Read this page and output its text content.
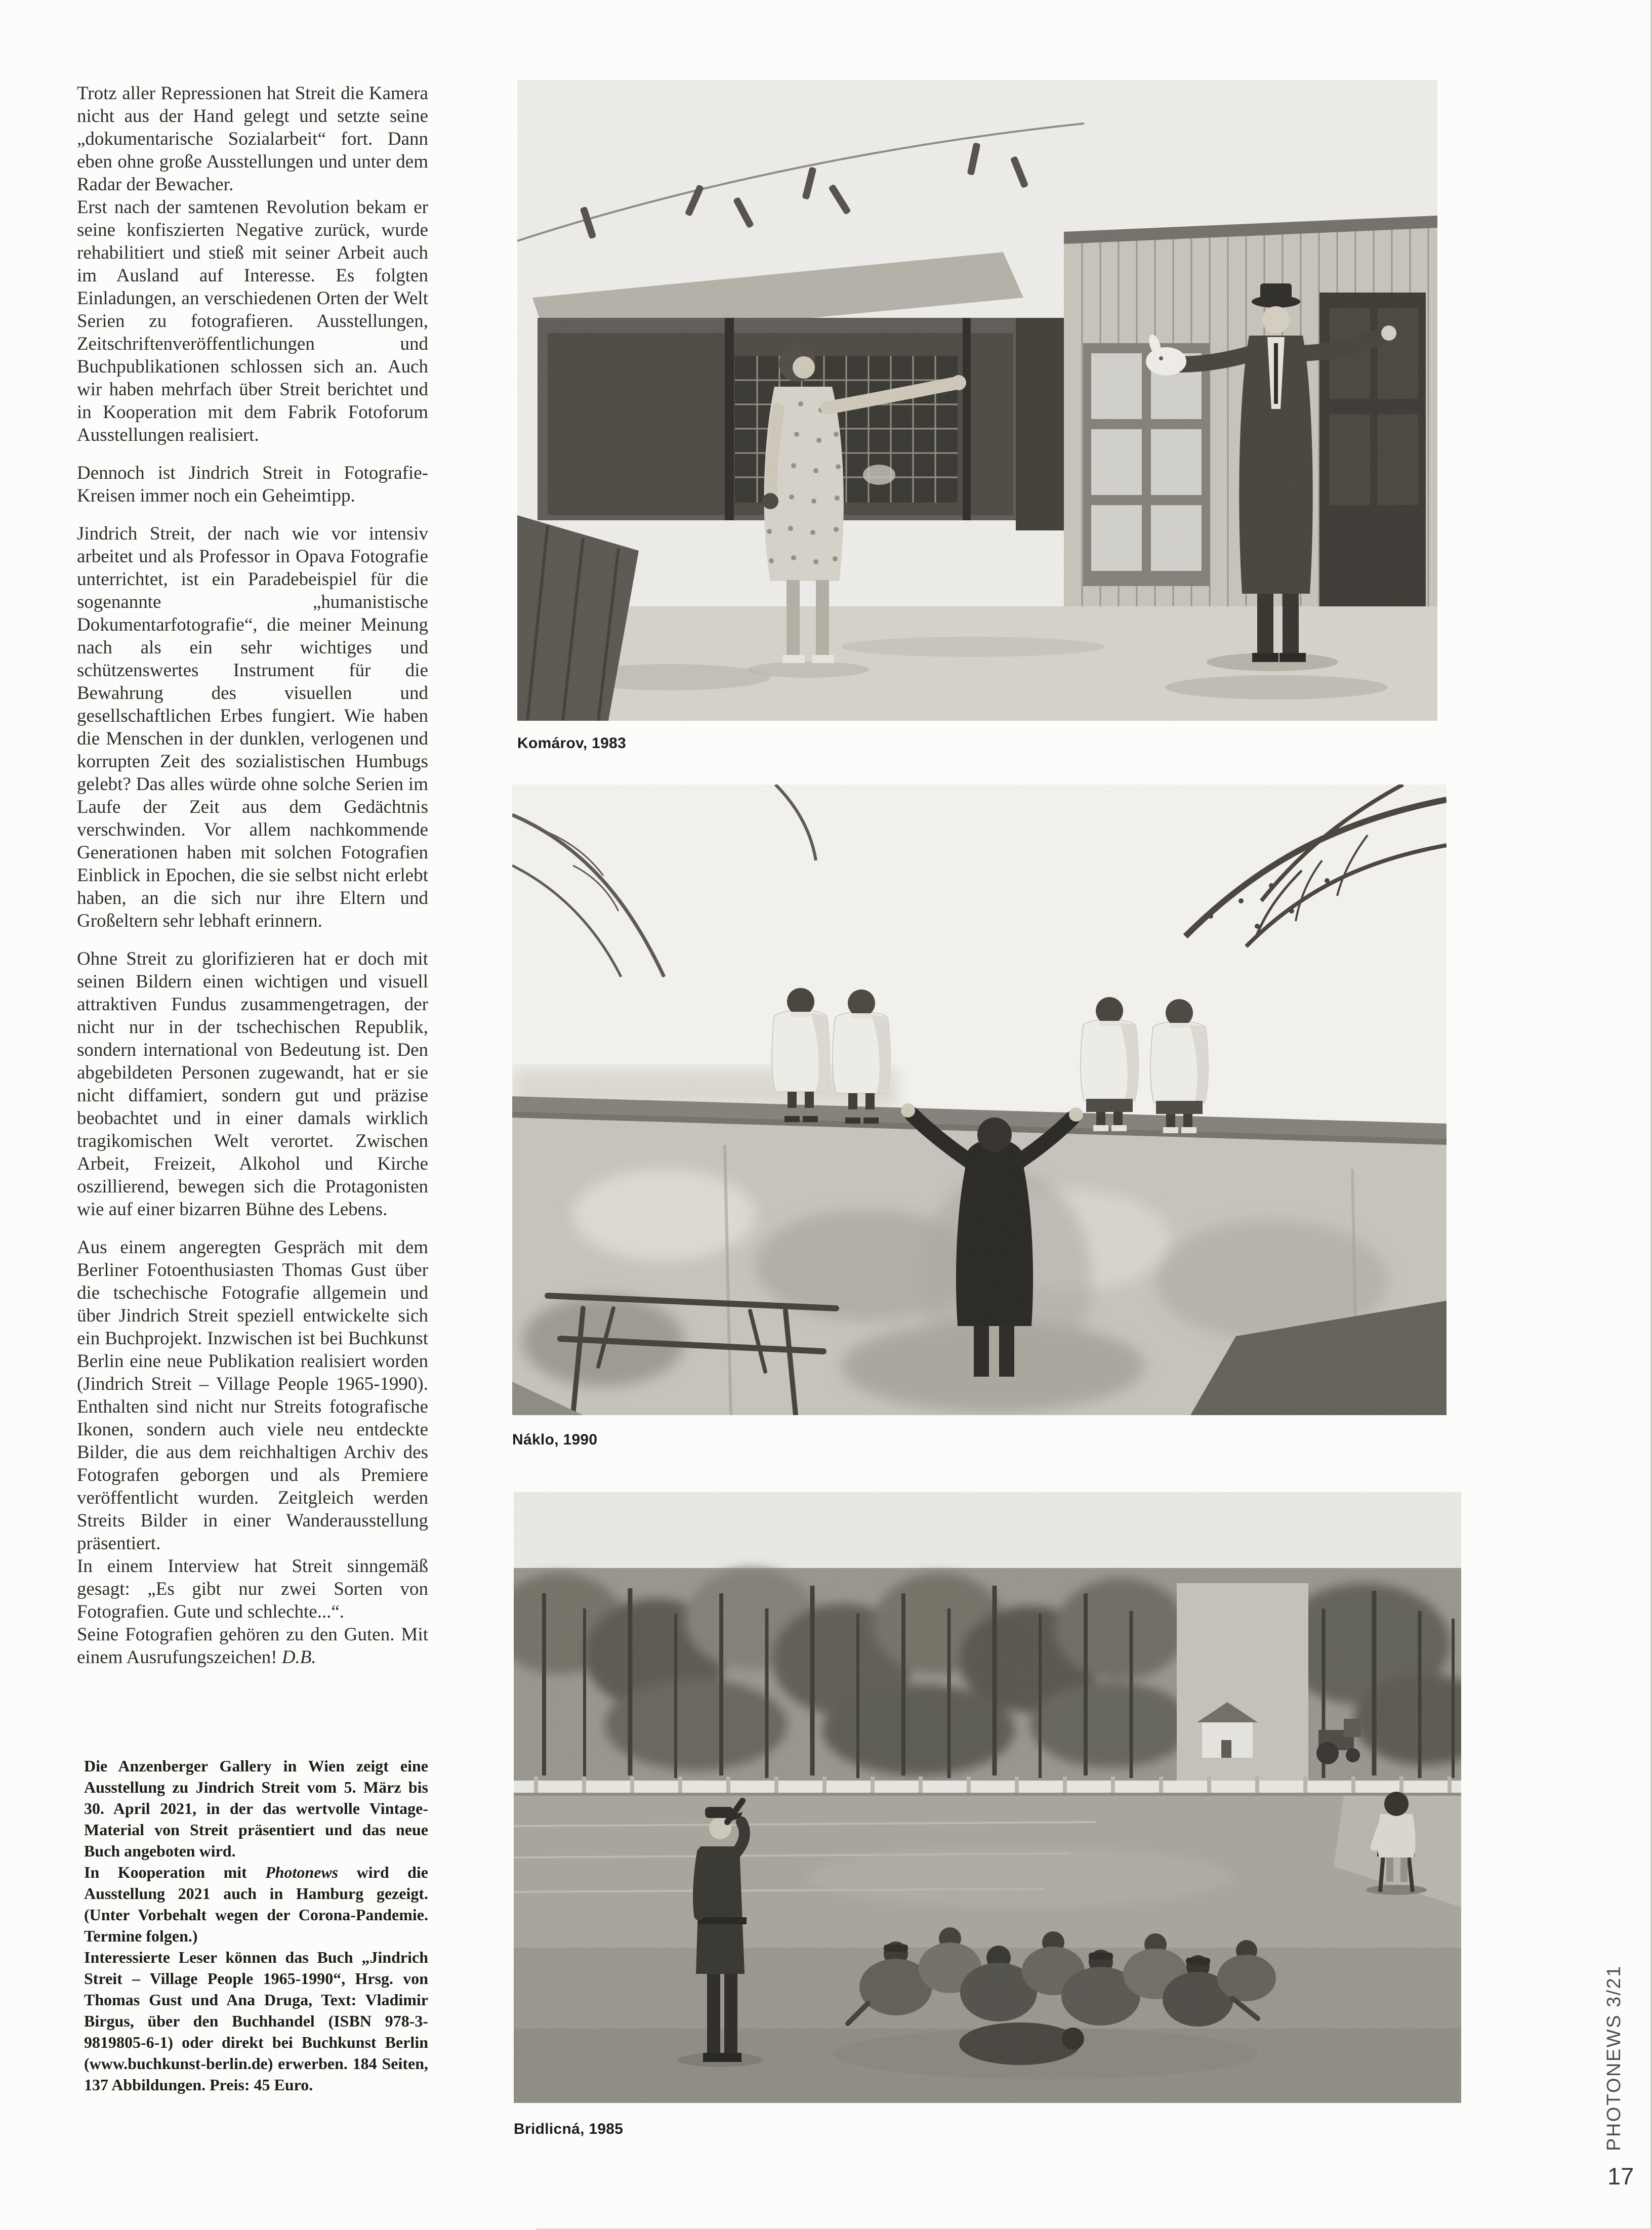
Trotz aller Repressionen hat Streit die Kamera nicht aus der Hand gelegt und setzte seine „dokumentarische Sozialarbeit“ fort. Dann eben ohne große Ausstellungen und unter dem Radar der Bewacher.

Erst nach der samtenen Revolution bekam er seine konfiszierten Negative zurück, wurde rehabilitiert und stieß mit seiner Arbeit auch im Ausland auf Interesse. Es folgten Einladungen, an verschiedenen Orten der Welt Serien zu fotografieren. Ausstellungen, Zeitschriftenveröffentlichungen und Buchpublikationen schlossen sich an. Auch wir haben mehrfach über Streit berichtet und in Kooperation mit dem Fabrik Fotoforum Ausstellungen realisiert.

Dennoch ist Jindrich Streit in Fotografie-Kreisen immer noch ein Geheimtipp.

Jindrich Streit, der nach wie vor intensiv arbeitet und als Professor in Opava Fotografie unterrichtet, ist ein Paradebeispiel für die sogenannte „humanistische Dokumentarfotografie“, die meiner Meinung nach als ein sehr wichtiges und schützenswertes Instrument für die Bewahrung des visuellen und gesellschaftlichen Erbes fungiert. Wie haben die Menschen in der dunklen, verlogenen und korrupten Zeit des sozialistischen Humbugs gelebt? Das alles würde ohne solche Serien im Laufe der Zeit aus dem Gedächtnis verschwinden. Vor allem nachkommende Generationen haben mit solchen Fotografien Einblick in Epochen, die sie selbst nicht erlebt haben, an die sich nur ihre Eltern und Großeltern sehr lebhaft erinnern.

Ohne Streit zu glorifizieren hat er doch mit seinen Bildern einen wichtigen und visuell attraktiven Fundus zusammengetragen, der nicht nur in der tschechischen Republik, sondern international von Bedeutung ist. Den abgebildeten Personen zugewandt, hat er sie nicht diffamiert, sondern gut und präzise beobachtet und in einer damals wirklich tragikomischen Welt verortet. Zwischen Arbeit, Freizeit, Alkohol und Kirche oszillierend, bewegen sich die Protagonisten wie auf einer bizarren Bühne des Lebens.

Aus einem angeregten Gespräch mit dem Berliner Fotoenthusiasten Thomas Gust über die tschechische Fotografie allgemein und über Jindrich Streit speziell entwickelte sich ein Buchprojekt. Inzwischen ist bei Buchkunst Berlin eine neue Publikation realisiert worden (Jindrich Streit – Village People 1965-1990). Enthalten sind nicht nur Streits fotografische Ikonen, sondern auch viele neu entdeckte Bilder, die aus dem reichhaltigen Archiv des Fotografen geborgen und als Premiere veröffentlicht wurden. Zeitgleich werden Streits Bilder in einer Wanderausstellung präsentiert.

In einem Interview hat Streit sinngemäß gesagt: „Es gibt nur zwei Sorten von Fotografien. Gute und schlechte...“.

Seine Fotografien gehören zu den Guten. Mit einem Ausrufungszeichen! D.B.

Die Anzenberger Gallery in Wien zeigt eine Ausstellung zu Jindrich Streit vom 5. März bis 30. April 2021, in der das wertvolle Vintage-Material von Streit präsentiert und das neue Buch angeboten wird.

In Kooperation mit Photonews wird die Ausstellung 2021 auch in Hamburg gezeigt. (Unter Vorbehalt wegen der Corona-Pandemie. Termine folgen.)

Interessierte Leser können das Buch „Jindrich Streit – Village People 1965-1990“, Hrsg. von Thomas Gust und Ana Druga, Text: Vladimir Birgus, über den Buchhandel (ISBN 978-3-9819805-6-1) oder direkt bei Buchkunst Berlin (www.buchkunst-berlin.de) erwerben. 184 Seiten, 137 Abbildungen. Preis: 45 Euro.

Komárov, 1983
Náklo, 1990
Bridlicná, 1985	PHOTONEWS 3/21
17
